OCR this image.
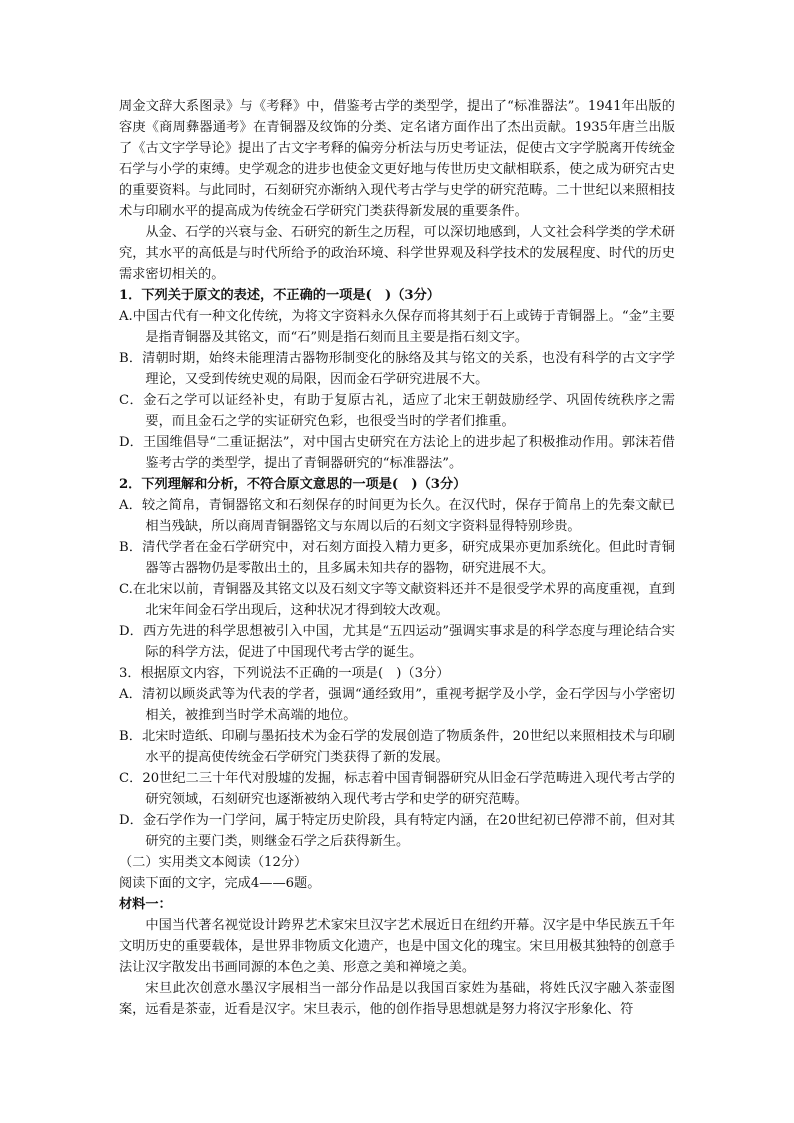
周金文辞大系图录》与《考释》中，借鉴考古学的类型学，提出了“标准器法”。1941年出版的容庚《商周彝器通考》在青铜器及纹饰的分类、定名诸方面作出了杰出贡献。1935年唐兰出版了《古文字学导论》提出了古文字考释的偏旁分析法与历史考证法，促使古文字学脱离开传统金石学与小学的束缚。史学观念的进步也使金文更好地与传世历史文献相联系，使之成为研究古史的重要资料。与此同时，石刻研究亦渐纳入现代考古学与史学的研究范畴。二十世纪以来照相技术与印刷水平的提高成为传统金石学研究门类获得新发展的重要条件。

从金、石学的兴衰与金、石研究的新生之历程，可以深切地感到，人文社会科学类的学术研究，其水平的高低是与时代所给予的政治环境、科学世界观及科学技术的发展程度、时代的历史需求密切相关的。

1．下列关于原文的表述，不正确的一项是(　)（3分）

A.中国古代有一种文化传统，为将文字资料永久保存而将其刻于石上或铸于青铜器上。“金”主要是指青铜器及其铭文，而“石”则是指石刻而且主要是指石刻文字。

B．清朝时期，始终未能理清古器物形制变化的脉络及其与铭文的关系，也没有科学的古文字学理论，又受到传统史观的局限，因而金石学研究进展不大。

C．金石之学可以证经补史，有助于复原古礼，适应了北宋王朝鼓励经学、巩固传统秩序之需要，而且金石之学的实证研究色彩，也很受当时的学者们推重。

D．王国维倡导“二重证据法”，对中国古史研究在方法论上的进步起了积极推动作用。郭沫若借鉴考古学的类型学，提出了青铜器研究的“标准器法”。

2．下列理解和分析，不符合原文意思的一项是(　)（3分）

A．较之简帛，青铜器铭文和石刻保存的时间更为长久。在汉代时，保存于简帛上的先秦文献已相当残缺，所以商周青铜器铭文与东周以后的石刻文字资料显得特别珍贵。

B．清代学者在金石学研究中，对石刻方面投入精力更多，研究成果亦更加系统化。但此时青铜器等古器物仍是零散出土的，且多属未知共存的器物，研究进展不大。

C.在北宋以前，青铜器及其铭文以及石刻文字等文献资料还并不是很受学术界的高度重视，直到北宋年间金石学出现后，这种状况才得到较大改观。

D．西方先进的科学思想被引入中国，尤其是“五四运动”强调实事求是的科学态度与理论结合实际的科学方法，促进了中国现代考古学的诞生。

3．根据原文内容，下列说法不正确的一项是(　)（3分）

A．清初以顾炎武等为代表的学者，强调“通经致用”，重视考据学及小学，金石学因与小学密切相关，被推到当时学术高端的地位。

B．北宋时造纸、印刷与墨拓技术为金石学的发展创造了物质条件，20世纪以来照相技术与印刷水平的提高使传统金石学研究门类获得了新的发展。

C．20世纪二三十年代对殷墟的发掘，标志着中国青铜器研究从旧金石学范畴进入现代考古学的研究领域，石刻研究也逐渐被纳入现代考古学和史学的研究范畴。

D．金石学作为一门学问，属于特定历史阶段，具有特定内涵，在20世纪初已停滞不前，但对其研究的主要门类，则继金石学之后获得新生。

（二）实用类文本阅读（12分）

阅读下面的文字，完成4——6题。

材料一：

中国当代著名视觉设计跨界艺术家宋旦汉字艺术展近日在纽约开幕。汉字是中华民族五千年文明历史的重要载体，是世界非物质文化遗产，也是中国文化的瑰宝。宋旦用极其独特的创意手法让汉字散发出书画同源的本色之美、形意之美和禅境之美。

宋旦此次创意水墨汉字展相当一部分作品是以我国百家姓为基础，将姓氏汉字融入茶壶图案，远看是茶壶，近看是汉字。宋旦表示，他的创作指导思想就是努力将汉字形象化、符
